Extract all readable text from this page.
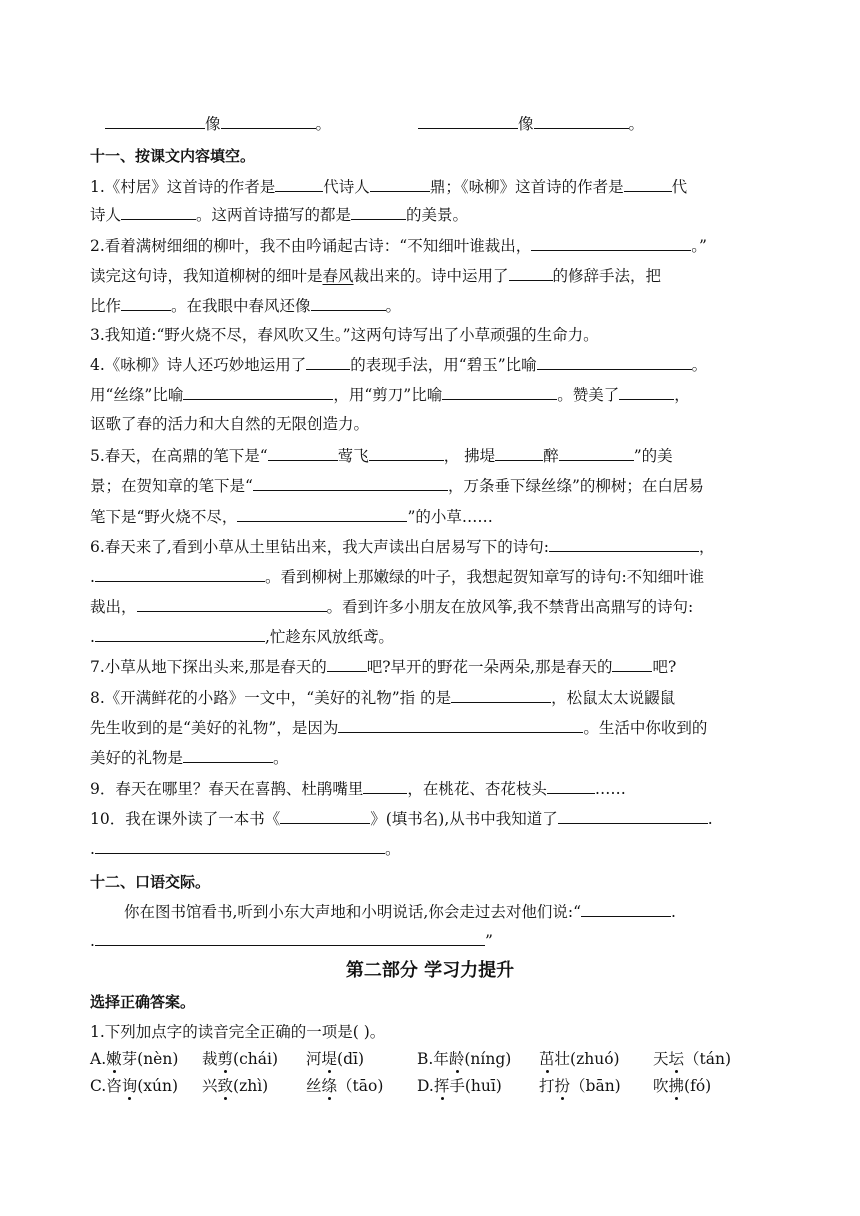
像	。	像	。
十一、按课文内容填空。
1.《村居》这首诗的作者是	代诗人	鼎；《咏柳》这首诗的作者是	代
诗人	。这两首诗描写的都是	的美景。
2.看着满树细细的柳叶，我不由吟诵起古诗：“不知细叶谁裁出，	。”
读完这句诗，我知道柳树的细叶是春风裁出来的。诗中运用了	的修辞手法，把
比作	。在我眼中春风还像	。
3.我知道:“野火烧不尽，春风吹又生。”这两句诗写出了小草顽强的生命力。
4.《咏柳》诗人还巧妙地运用了	的表现手法，用“碧玉”比喻	。
用“丝绦”比喻	，用“剪刀”比喻	。赞美了	，
讴歌了春的活力和大自然的无限创造力。
5.春天，在高鼎的笔下是“	莺飞	， 拂堤	醉	”的美
景；在贺知章的笔下是“	，万条垂下绿丝绦”的柳树；在白居易
笔下是“野火烧不尽，	”的小草……
6.春天来了,看到小草从土里钻出来，我大声读出白居易写下的诗句:	，
.	。看到柳树上那嫩绿的叶子，我想起贺知章写的诗句:不知细叶谁
裁出，	。看到许多小朋友在放风筝,我不禁背出高鼎写的诗句:
.	,忙趁东风放纸鸢。
7.小草从地下探出头来,那是春天的	吧?早开的野花一朵两朵,那是春天的	吧?
8.《开满鲜花的小路》一文中，“美好的礼物”指 的是	，松鼠太太说鼹鼠
先生收到的是“美好的礼物”，是因为	。生活中你收到的
美好的礼物是	。
9．春天在哪里？春天在喜鹊、杜鹃嘴里	，在桃花、杏花枝头	……
10．我在课外读了一本书《	》(填书名),从书中我知道了	.
.	。
十二、口语交际。
你在图书馆看书,听到小东大声地和小明说话,你会走过去对他们说:“	.
.	”
第二部分 学习力提升
选择正确答案。
1.下列加点字的读音完全正确的一项是( )。
A.嫩芽(nèn) 裁剪(chái) 河堤(dī)	B.年龄(níng) 茁壮(zhuó) 天坛（tán)
C.咨询(xún) 兴致(zhì) 丝绦（tāo) D.挥手(huī) 打扮（bān) 吹拂(fó)
